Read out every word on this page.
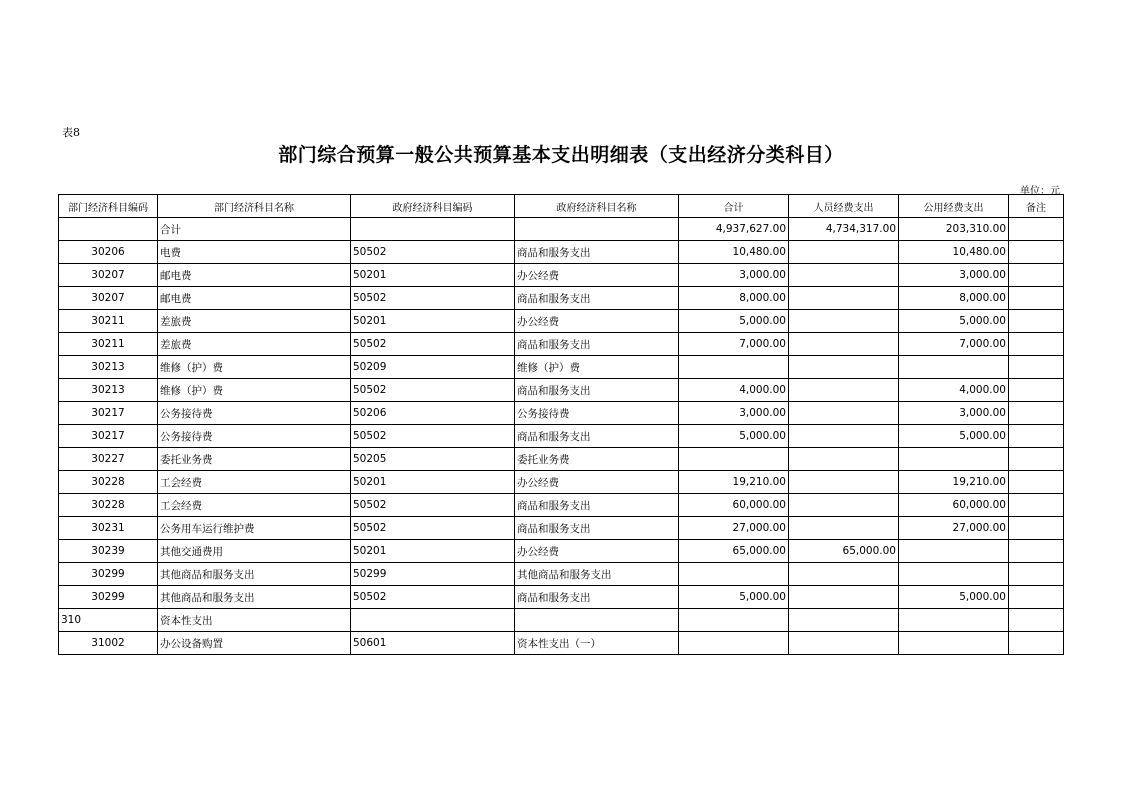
表8
部门综合预算一般公共预算基本支出明细表（支出经济分类科目）
单位：元
部门经济科目编码	部门经济科目名称	政府经济科目编码	政府经济科目名称	合计	人员经费支出	公用经费支出	备注
	合计			4,937,627.00	4,734,317.00	203,310.00	
30206	电费	50502	商品和服务支出	10,480.00		10,480.00	
30207	邮电费	50201	办公经费	3,000.00		3,000.00	
30207	邮电费	50502	商品和服务支出	8,000.00		8,000.00	
30211	差旅费	50201	办公经费	5,000.00		5,000.00	
30211	差旅费	50502	商品和服务支出	7,000.00		7,000.00	
30213	维修（护）费	50209	维修（护）费				
30213	维修（护）费	50502	商品和服务支出	4,000.00		4,000.00	
30217	公务接待费	50206	公务接待费	3,000.00		3,000.00	
30217	公务接待费	50502	商品和服务支出	5,000.00		5,000.00	
30227	委托业务费	50205	委托业务费				
30228	工会经费	50201	办公经费	19,210.00		19,210.00	
30228	工会经费	50502	商品和服务支出	60,000.00		60,000.00	
30231	公务用车运行维护费	50502	商品和服务支出	27,000.00		27,000.00	
30239	其他交通费用	50201	办公经费	65,000.00	65,000.00		
30299	其他商品和服务支出	50299	其他商品和服务支出				
30299	其他商品和服务支出	50502	商品和服务支出	5,000.00		5,000.00	
310	资本性支出						
31002	办公设备购置	50601	资本性支出（一）				
